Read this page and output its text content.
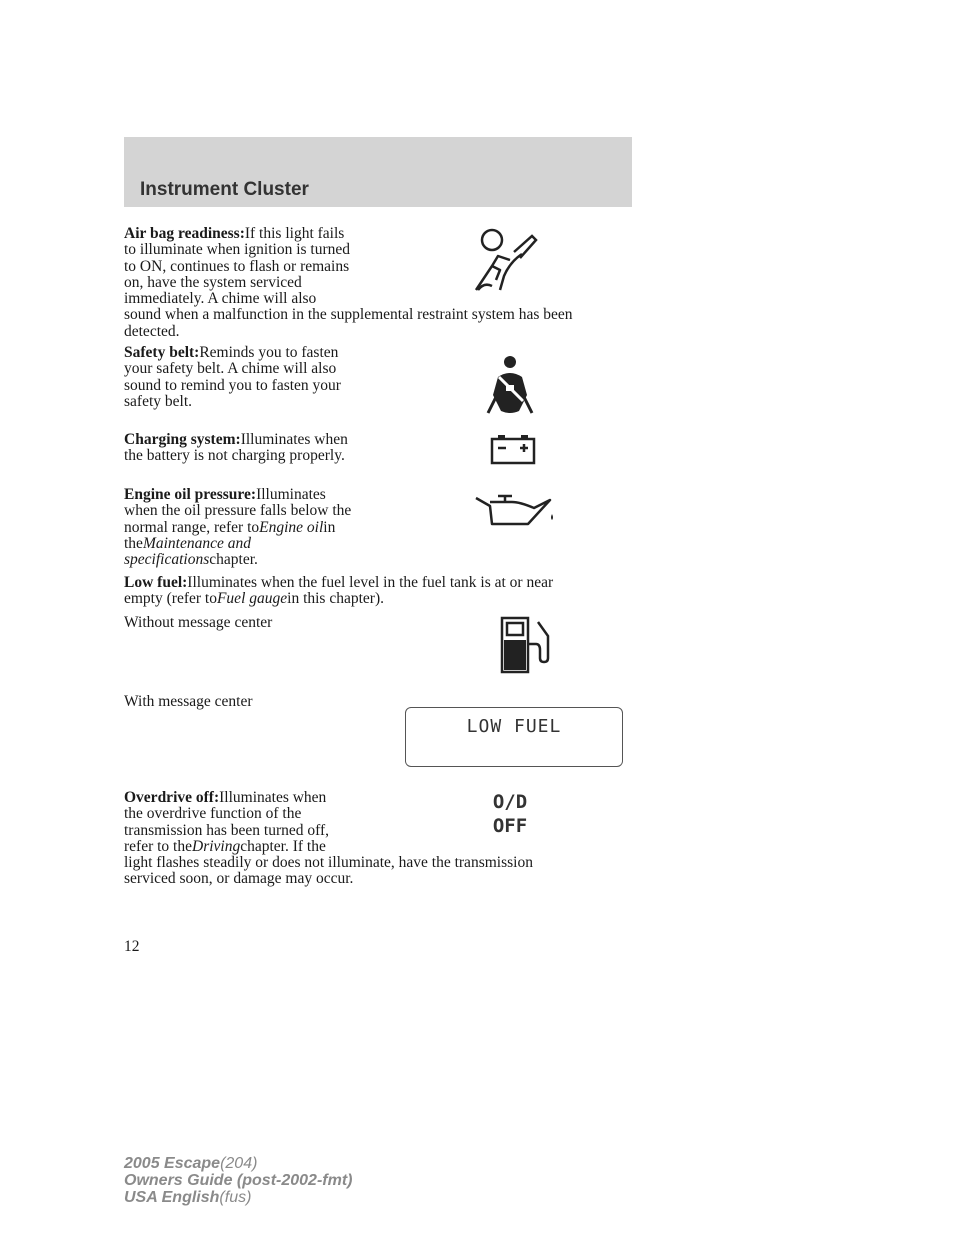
Instrument Cluster
Air bag readiness:If this light fails
to illuminate when ignition is turned
to ON, continues to flash or remains
on, have the system serviced
immediately. A chime will also
sound when a malfunction in the supplemental restraint system has been
detected.
Safety belt:Reminds you to fasten
your safety belt. A chime will also
sound to remind you to fasten your
safety belt.
Charging system:Illuminates when
the battery is not charging properly.
Engine oil pressure:Illuminates
when the oil pressure falls below the
normal range, refer toEngine oilin
theMaintenance and
specificationschapter.
Low fuel:Illuminates when the fuel level in the fuel tank is at or near
empty (refer toFuel gaugein this chapter).
Without message center
With message center
LOW FUEL
Overdrive off:Illuminates when
the overdrive function of the
transmission has been turned off,
refer to theDrivingchapter. If the
light flashes steadily or does not illuminate, have the transmission
serviced soon, or damage may occur.
O/D
OFF
12
2005 Escape(204)
Owners Guide (post-2002-fmt)
USA English(fus)
